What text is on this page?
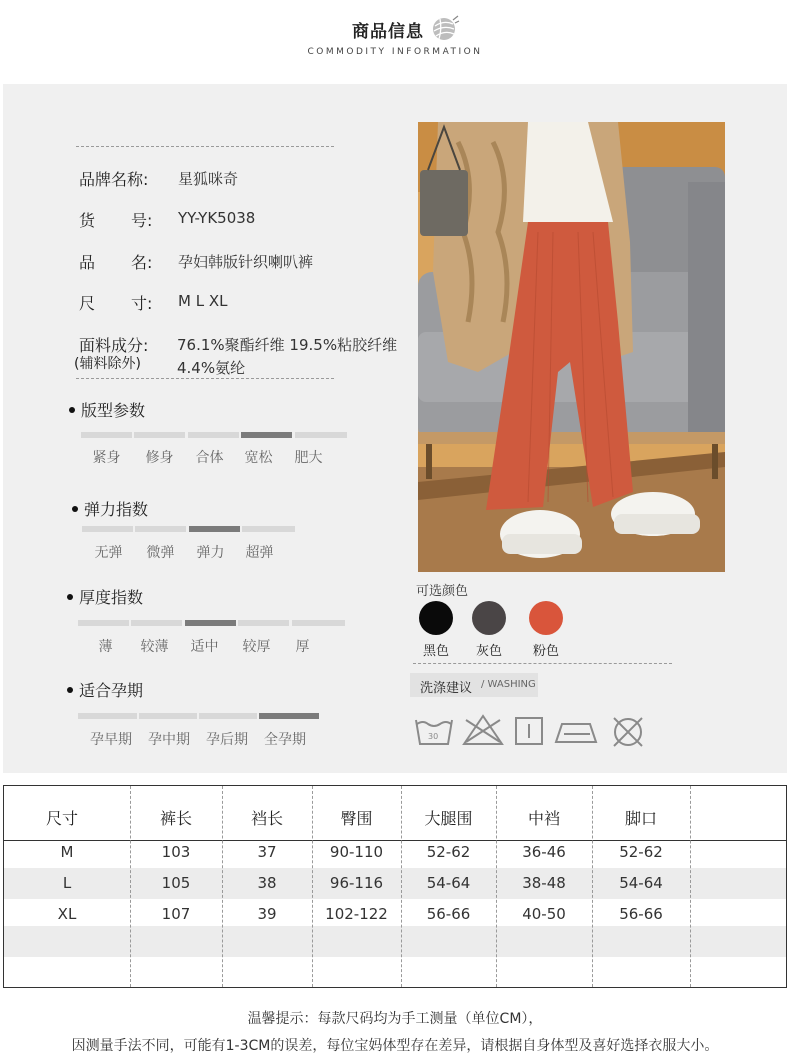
商品信息
COMMODITY INFORMATION
品牌名称: 星狐咪奇
货 号: YY-YK5038
品 名: 孕妇韩版针织喇叭裤
尺 寸: M L XL
面料成分:
(辅料除外)
76.1%聚酯纤维 19.5%粘胶纤维
4.4%氨纶
版型参数
紧身	修身	合体	宽松	肥大
弹力指数
无弹	微弹	弹力	超弹
厚度指数
薄	较薄	适中	较厚	厚
适合孕期
孕早期	孕中期	孕后期	全孕期
可选颜色
黑色	灰色	粉色
洗涤建议 / WASHING
30
尺寸	裤长	裆长	臀围	大腿围	中裆	脚口
M	103	37	90-110	52-62	36-46	52-62
L	105	38	96-116	54-64	38-48	54-64
XL	107	39	102-122	56-66	40-50	56-66
温馨提示：每款尺码均为手工测量（单位CM），
因测量手法不同，可能有1-3CM的误差，每位宝妈体型存在差异，请根据自身体型及喜好选择衣服大小。
